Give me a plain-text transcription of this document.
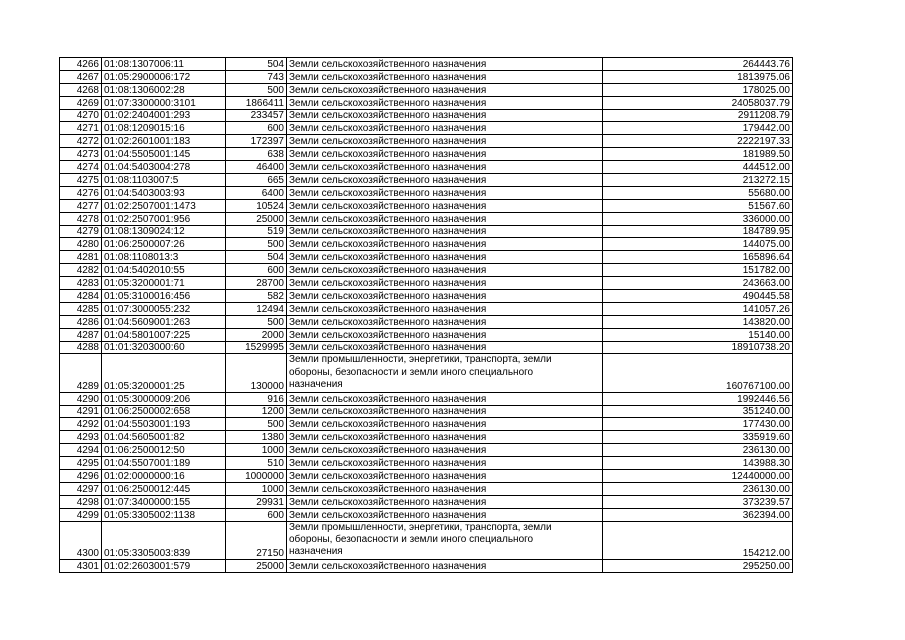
4266	01:08:1307006:11	504	Земли сельскохозяйственного назначения	264443.76
4267	01:05:2900006:172	743	Земли сельскохозяйственного назначения	1813975.06
4268	01:08:1306002:28	500	Земли сельскохозяйственного назначения	178025.00
4269	01:07:3300000:3101	1866411	Земли сельскохозяйственного назначения	24058037.79
4270	01:02:2404001:293	233457	Земли сельскохозяйственного назначения	2911208.79
4271	01:08:1209015:16	600	Земли сельскохозяйственного назначения	179442.00
4272	01:02:2601001:183	172397	Земли сельскохозяйственного назначения	2222197.33
4273	01:04:5505001:145	638	Земли сельскохозяйственного назначения	181989.50
4274	01:04:5403004:278	46400	Земли сельскохозяйственного назначения	444512.00
4275	01:08:1103007:5	665	Земли сельскохозяйственного назначения	213272.15
4276	01:04:5403003:93	6400	Земли сельскохозяйственного назначения	55680.00
4277	01:02:2507001:1473	10524	Земли сельскохозяйственного назначения	51567.60
4278	01:02:2507001:956	25000	Земли сельскохозяйственного назначения	336000.00
4279	01:08:1309024:12	519	Земли сельскохозяйственного назначения	184789.95
4280	01:06:2500007:26	500	Земли сельскохозяйственного назначения	144075.00
4281	01:08:1108013:3	504	Земли сельскохозяйственного назначения	165896.64
4282	01:04:5402010:55	600	Земли сельскохозяйственного назначения	151782.00
4283	01:05:3200001:71	28700	Земли сельскохозяйственного назначения	243663.00
4284	01:05:3100016:456	582	Земли сельскохозяйственного назначения	490445.58
4285	01:07:3000055:232	12494	Земли сельскохозяйственного назначения	141057.26
4286	01:04:5609001:263	500	Земли сельскохозяйственного назначения	143820.00
4287	01:04:5801007:225	2000	Земли сельскохозяйственного назначения	15140.00
4288	01:01:3203000:60	1529995	Земли сельскохозяйственного назначения	18910738.20
4289	01:05:3200001:25	130000	Земли промышленности, энергетики, транспорта, земли
обороны, безопасности и земли иного специального
назначения	160767100.00
4290	01:05:3000009:206	916	Земли сельскохозяйственного назначения	1992446.56
4291	01:06:2500002:658	1200	Земли сельскохозяйственного назначения	351240.00
4292	01:04:5503001:193	500	Земли сельскохозяйственного назначения	177430.00
4293	01:04:5605001:82	1380	Земли сельскохозяйственного назначения	335919.60
4294	01:06:2500012:50	1000	Земли сельскохозяйственного назначения	236130.00
4295	01:04:5507001:189	510	Земли сельскохозяйственного назначения	143988.30
4296	01:02:0000000:16	1000000	Земли сельскохозяйственного назначения	12440000.00
4297	01:06:2500012:445	1000	Земли сельскохозяйственного назначения	236130.00
4298	01:07:3400000:155	29931	Земли сельскохозяйственного назначения	373239.57
4299	01:05:3305002:1138	600	Земли сельскохозяйственного назначения	362394.00
4300	01:05:3305003:839	27150	Земли промышленности, энергетики, транспорта, земли
обороны, безопасности и земли иного специального
назначения	154212.00
4301	01:02:2603001:579	25000	Земли сельскохозяйственного назначения	295250.00
